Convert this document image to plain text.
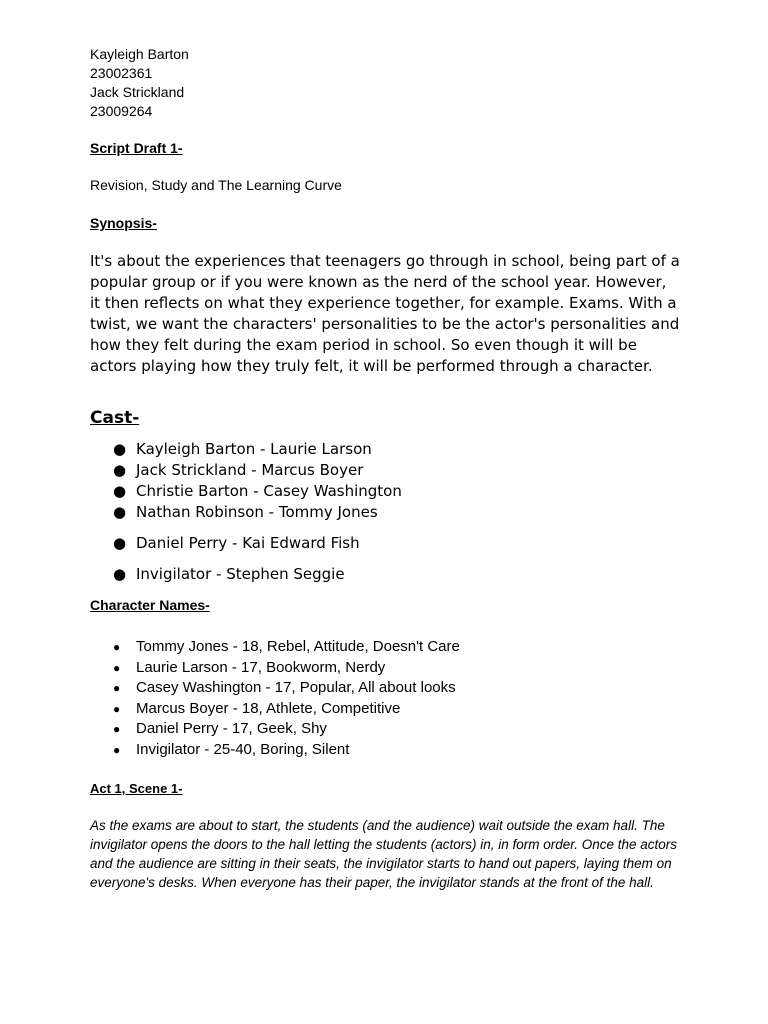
Kayleigh Barton
23002361
Jack Strickland
23009264

Script Draft 1-

Revision, Study and The Learning Curve

Synopsis-

It's about the experiences that teenagers go through in school, being part of a popular group or if you were known as the nerd of the school year. However, it then reflects on what they experience together, for example. Exams. With a twist, we want the characters' personalities to be the actor's personalities and how they felt during the exam period in school. So even though it will be actors playing how they truly felt, it will be performed through a character.

Cast-
● Kayleigh Barton - Laurie Larson
● Jack Strickland - Marcus Boyer
● Christie Barton - Casey Washington
● Nathan Robinson - Tommy Jones
● Daniel Perry - Kai Edward Fish
● Invigilator - Stephen Seggie

Character Names-

● Tommy Jones - 18, Rebel, Attitude, Doesn't Care
● Laurie Larson - 17, Bookworm, Nerdy
● Casey Washington - 17, Popular, All about looks
● Marcus Boyer - 18, Athlete, Competitive
● Daniel Perry - 17, Geek, Shy
● Invigilator - 25-40, Boring, Silent

Act 1, Scene 1-

As the exams are about to start, the students (and the audience) wait outside the exam hall. The invigilator opens the doors to the hall letting the students (actors) in, in form order. Once the actors and the audience are sitting in their seats, the invigilator starts to hand out papers, laying them on everyone's desks. When everyone has their paper, the invigilator stands at the front of the hall.
